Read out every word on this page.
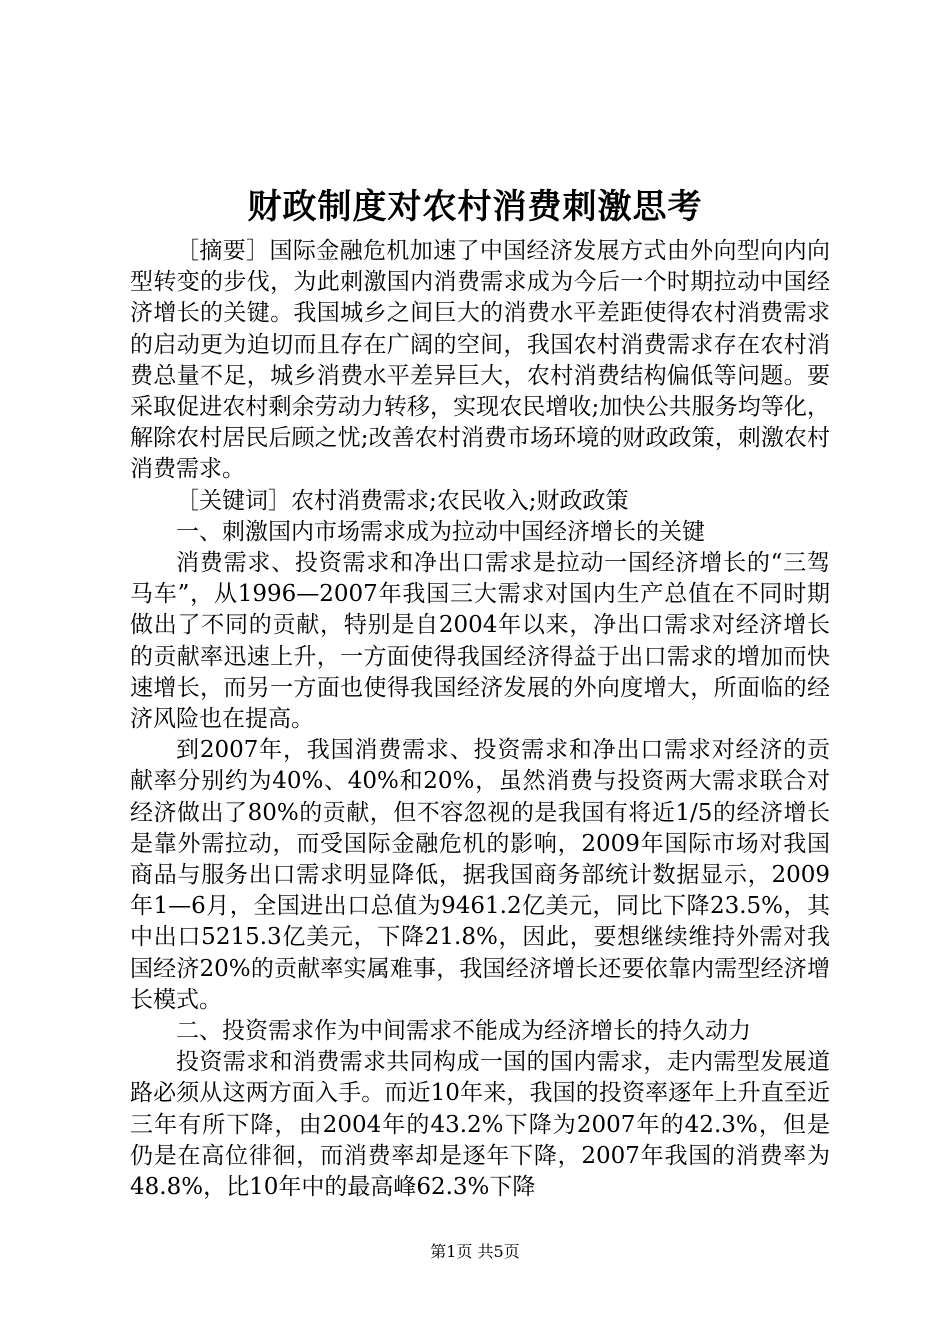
财政制度对农村消费刺激思考

［摘要］国际金融危机加速了中国经济发展方式由外向型向内向型转变的步伐，为此刺激国内消费需求成为今后一个时期拉动中国经济增长的关键。我国城乡之间巨大的消费水平差距使得农村消费需求的启动更为迫切而且存在广阔的空间，我国农村消费需求存在农村消费总量不足，城乡消费水平差异巨大，农村消费结构偏低等问题。要采取促进农村剩余劳动力转移，实现农民增收;加快公共服务均等化，解除农村居民后顾之忧;改善农村消费市场环境的财政政策，刺激农村消费需求。

［关键词］农村消费需求;农民收入;财政政策

一、刺激国内市场需求成为拉动中国经济增长的关键

消费需求、投资需求和净出口需求是拉动一国经济增长的“三驾马车”，从1996—2007年我国三大需求对国内生产总值在不同时期做出了不同的贡献，特别是自2004年以来，净出口需求对经济增长的贡献率迅速上升，一方面使得我国经济得益于出口需求的增加而快速增长，而另一方面也使得我国经济发展的外向度增大，所面临的经济风险也在提高。

到2007年，我国消费需求、投资需求和净出口需求对经济的贡献率分别约为40%、40%和20%，虽然消费与投资两大需求联合对经济做出了80%的贡献，但不容忽视的是我国有将近1/5的经济增长是靠外需拉动，而受国际金融危机的影响，2009年国际市场对我国商品与服务出口需求明显降低，据我国商务部统计数据显示，2009年1—6月，全国进出口总值为9461.2亿美元，同比下降23.5%，其中出口5215.3亿美元，下降21.8%，因此，要想继续维持外需对我国经济20%的贡献率实属难事，我国经济增长还要依靠内需型经济增长模式。

二、投资需求作为中间需求不能成为经济增长的持久动力

投资需求和消费需求共同构成一国的国内需求，走内需型发展道路必须从这两方面入手。而近10年来，我国的投资率逐年上升直至近三年有所下降，由2004年的43.2%下降为2007年的42.3%，但是仍是在高位徘徊，而消费率却是逐年下降，2007年我国的消费率为48.8%，比10年中的最高峰62.3%下降

第1页 共5页
